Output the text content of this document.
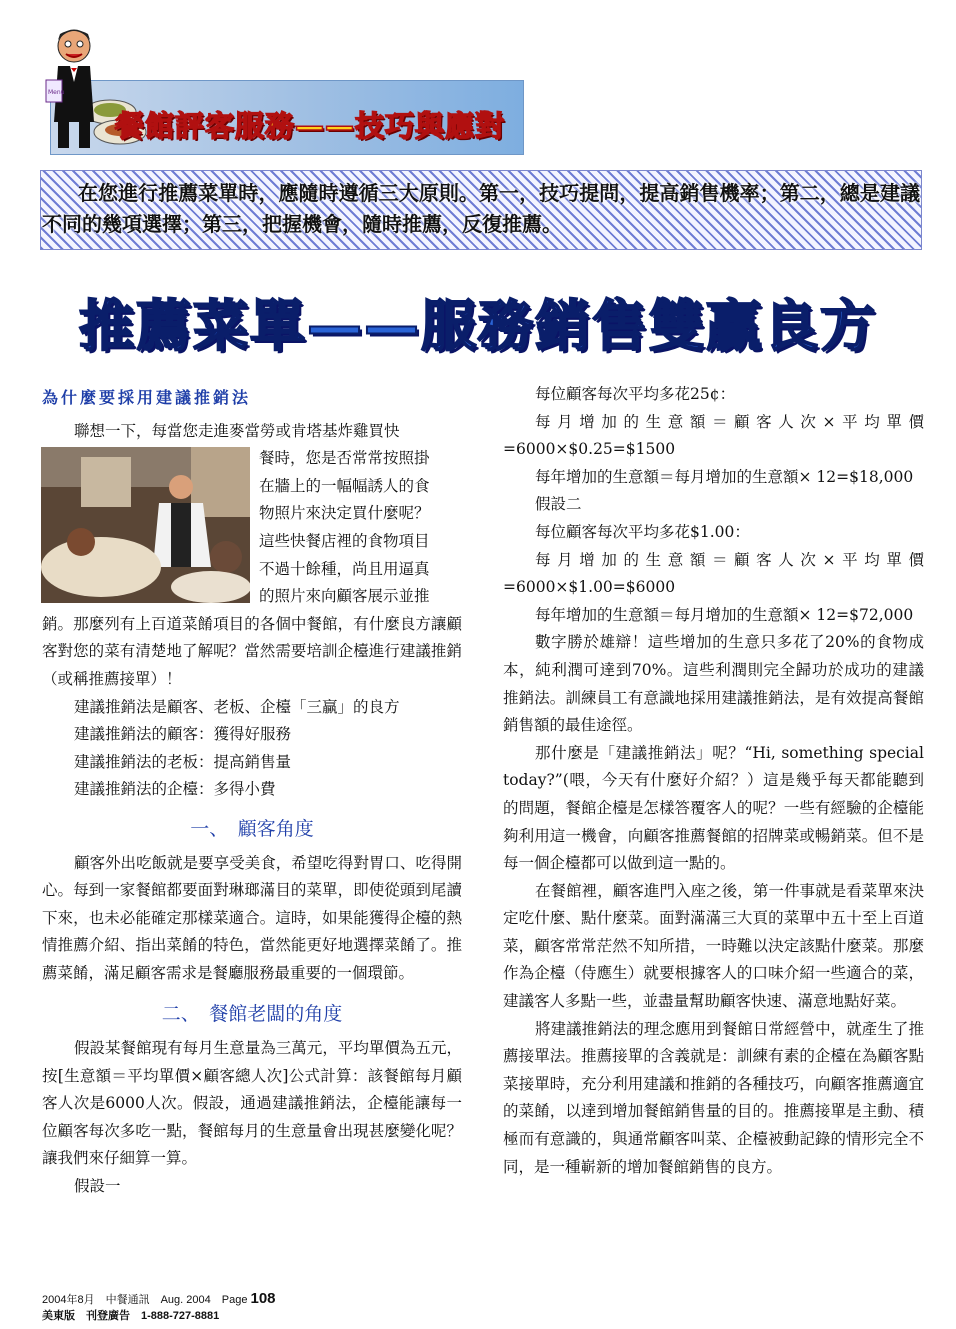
Menu
餐館評客服務——技巧與應對
在您進行推薦菜單時，應隨時遵循三大原則。第一，技巧提問，提高銷售機率；第二，總是建議不同的幾項選擇；第三，把握機會，隨時推薦，反復推薦。
推薦菜單——服務銷售雙贏良方

為什麼要採用建議推銷法

聯想一下，每當您走進麥當勞或肯塔基炸雞買快

餐時，您是否常常按照掛

在牆上的一幅幅誘人的食

物照片來決定買什麼呢？

這些快餐店裡的食物項目

不過十餘種，尚且用逼真

的照片來向顧客展示並推

銷。那麼列有上百道菜餚項目的各個中餐館，有什麼良方讓顧客對您的菜有清楚地了解呢？當然需要培訓企檯進行建議推銷（或稱推薦接單）！

建議推銷法是顧客、老板、企檯「三贏」的良方

建議推銷法的顧客：獲得好服務

建議推銷法的老板：提高銷售量

建議推銷法的企檯：多得小費

一、　顧客角度

顧客外出吃飯就是要享受美食，希望吃得對胃口、吃得開心。每到一家餐館都要面對琳瑯滿目的菜單，即使從頭到尾讀下來，也未必能確定那樣菜適合。這時，如果能獲得企檯的熱情推薦介紹、指出菜餚的特色，當然能更好地選擇菜餚了。推薦菜餚，滿足顧客需求是餐廳服務最重要的一個環節。

二、　餐館老闆的角度

假設某餐館現有每月生意量為三萬元，平均單價為五元，按[生意額＝平均單價×顧客總人次]公式計算：該餐館每月顧客人次是6000人次。假設，通過建議推銷法，企檯能讓每一位顧客每次多吃一點，餐館每月的生意量會出現甚麼變化呢？讓我們來仔細算一算。

假設一

每位顧客每次平均多花25¢：

每月增加的生意額＝顧客人次×平均單價=6000×$0.25=$1500

每年增加的生意額＝每月增加的生意額× 12=$18,000

假設二

每位顧客每次平均多花$1.00：

每月增加的生意額＝顧客人次×平均單價=6000×$1.00=$6000

每年增加的生意額＝每月增加的生意額× 12=$72,000

數字勝於雄辯！這些增加的生意只多花了20%的食物成本，純利潤可達到70%。這些利潤則完全歸功於成功的建議推銷法。訓練員工有意識地採用建議推銷法，是有效提高餐館銷售額的最佳途徑。

那什麼是「建議推銷法」呢？“Hi, something special today?”(喂，今天有什麼好介紹？）這是幾乎每天都能聽到的問題，餐館企檯是怎樣答覆客人的呢？一些有經驗的企檯能夠利用這一機會，向顧客推薦餐館的招牌菜或暢銷菜。但不是每一個企檯都可以做到這一點的。

在餐館裡，顧客進門入座之後，第一件事就是看菜單來決定吃什麼、點什麼菜。面對滿滿三大頁的菜單中五十至上百道菜，顧客常常茫然不知所措，一時難以決定該點什麼菜。那麼作為企檯（侍應生）就要根據客人的口味介紹一些適合的菜，建議客人多點一些，並盡量幫助顧客快速、滿意地點好菜。

將建議推銷法的理念應用到餐館日常經營中，就產生了推薦接單法。推薦接單的含義就是：訓練有素的企檯在為顧客點菜接單時，充分利用建議和推銷的各種技巧，向顧客推薦適宜的菜餚，以達到增加餐館銷售量的目的。推薦接單是主動、積極而有意識的，與通常顧客叫菜、企檯被動記錄的情形完全不同，是一種嶄新的增加餐館銷售的良方。

2004年8月　中餐通訊　Aug. 2004　Page 108
美東版　刊登廣告　1-888-727-8881
